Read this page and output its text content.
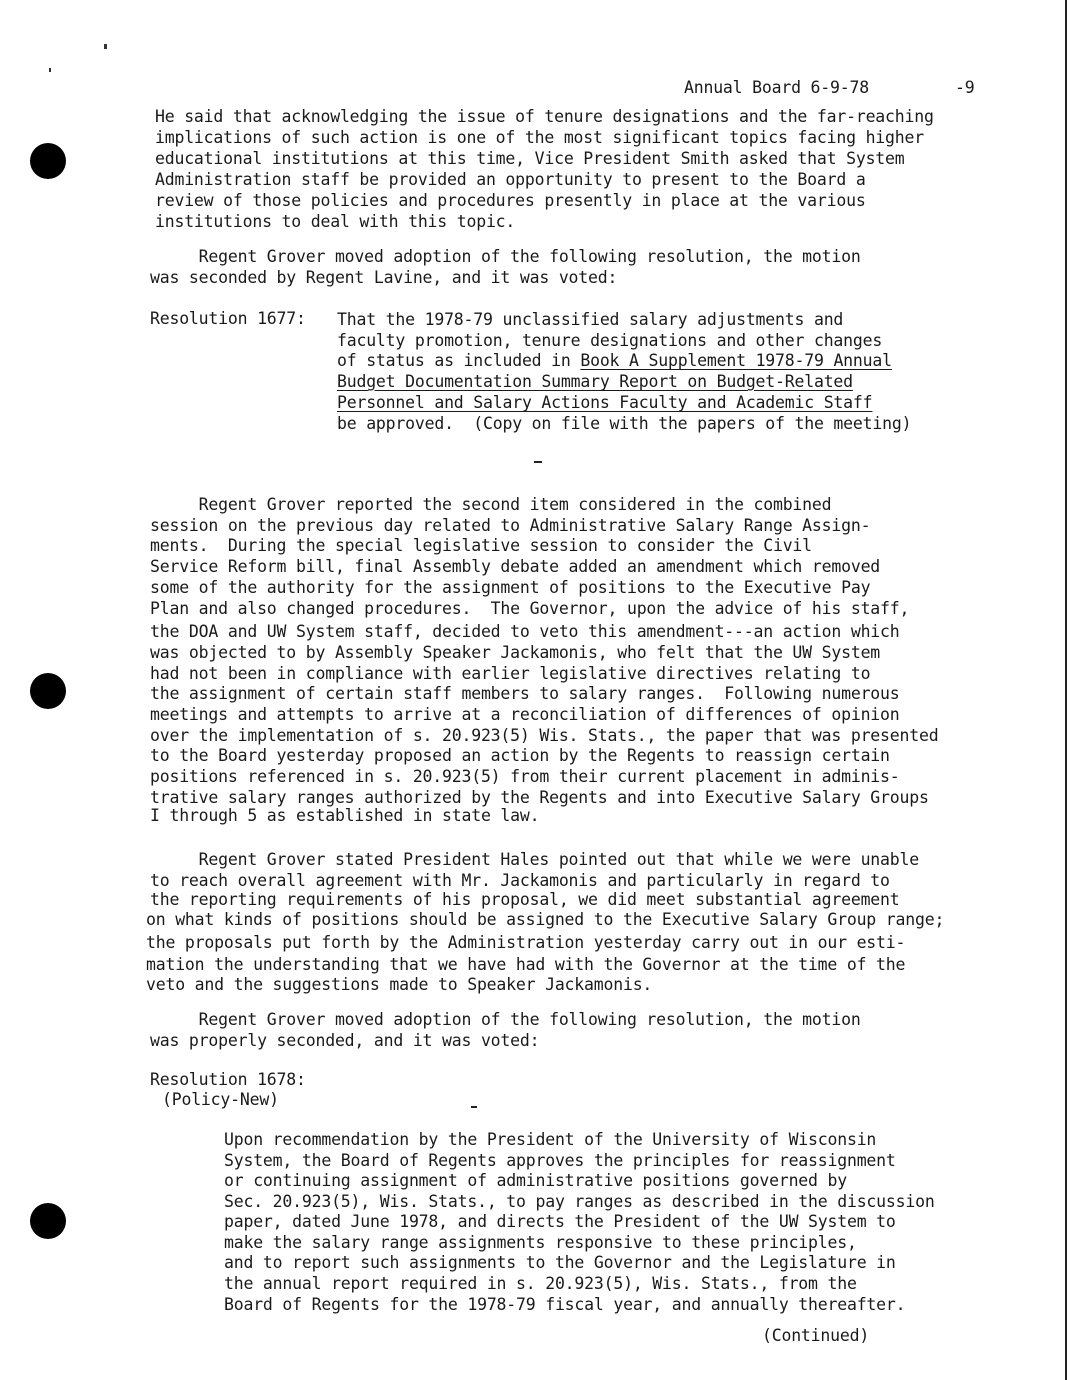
Annual Board 6-9-78	-9
He said that acknowledging the issue of tenure designations and the far-reaching
implications of such action is one of the most significant topics facing higher
educational institutions at this time, Vice President Smith asked that System
Administration staff be provided an opportunity to present to the Board a
review of those policies and procedures presently in place at the various
institutions to deal with this topic.
Regent Grover moved adoption of the following resolution, the motion
was seconded by Regent Lavine, and it was voted:
Resolution 1677: That the 1978-79 unclassified salary adjustments and
faculty promotion, tenure designations and other changes
of status as included in Book A Supplement 1978-79 Annual
Budget Documentation Summary Report on Budget-Related
Personnel and Salary Actions Faculty and Academic Staff
be approved.  (Copy on file with the papers of the meeting)
Regent Grover reported the second item considered in the combined
session on the previous day related to Administrative Salary Range Assign-
ments.  During the special legislative session to consider the Civil
Service Reform bill, final Assembly debate added an amendment which removed
some of the authority for the assignment of positions to the Executive Pay
Plan and also changed procedures.  The Governor, upon the advice of his staff,
the DOA and UW System staff, decided to veto this amendment---an action which
was objected to by Assembly Speaker Jackamonis, who felt that the UW System
had not been in compliance with earlier legislative directives relating to
the assignment of certain staff members to salary ranges.  Following numerous
meetings and attempts to arrive at a reconciliation of differences of opinion
over the implementation of s. 20.923(5) Wis. Stats., the paper that was presented
to the Board yesterday proposed an action by the Regents to reassign certain
positions referenced in s. 20.923(5) from their current placement in adminis-
trative salary ranges authorized by the Regents and into Executive Salary Groups
I through 5 as established in state law.
Regent Grover stated President Hales pointed out that while we were unable
to reach overall agreement with Mr. Jackamonis and particularly in regard to
the reporting requirements of his proposal, we did meet substantial agreement
on what kinds of positions should be assigned to the Executive Salary Group range;
the proposals put forth by the Administration yesterday carry out in our esti-
mation the understanding that we have had with the Governor at the time of the
veto and the suggestions made to Speaker Jackamonis.
Regent Grover moved adoption of the following resolution, the motion
was properly seconded, and it was voted:
Resolution 1678:
(Policy-New)
Upon recommendation by the President of the University of Wisconsin
System, the Board of Regents approves the principles for reassignment
or continuing assignment of administrative positions governed by
Sec. 20.923(5), Wis. Stats., to pay ranges as described in the discussion
paper, dated June 1978, and directs the President of the UW System to
make the salary range assignments responsive to these principles,
and to report such assignments to the Governor and the Legislature in
the annual report required in s. 20.923(5), Wis. Stats., from the
Board of Regents for the 1978-79 fiscal year, and annually thereafter.
(Continued)
